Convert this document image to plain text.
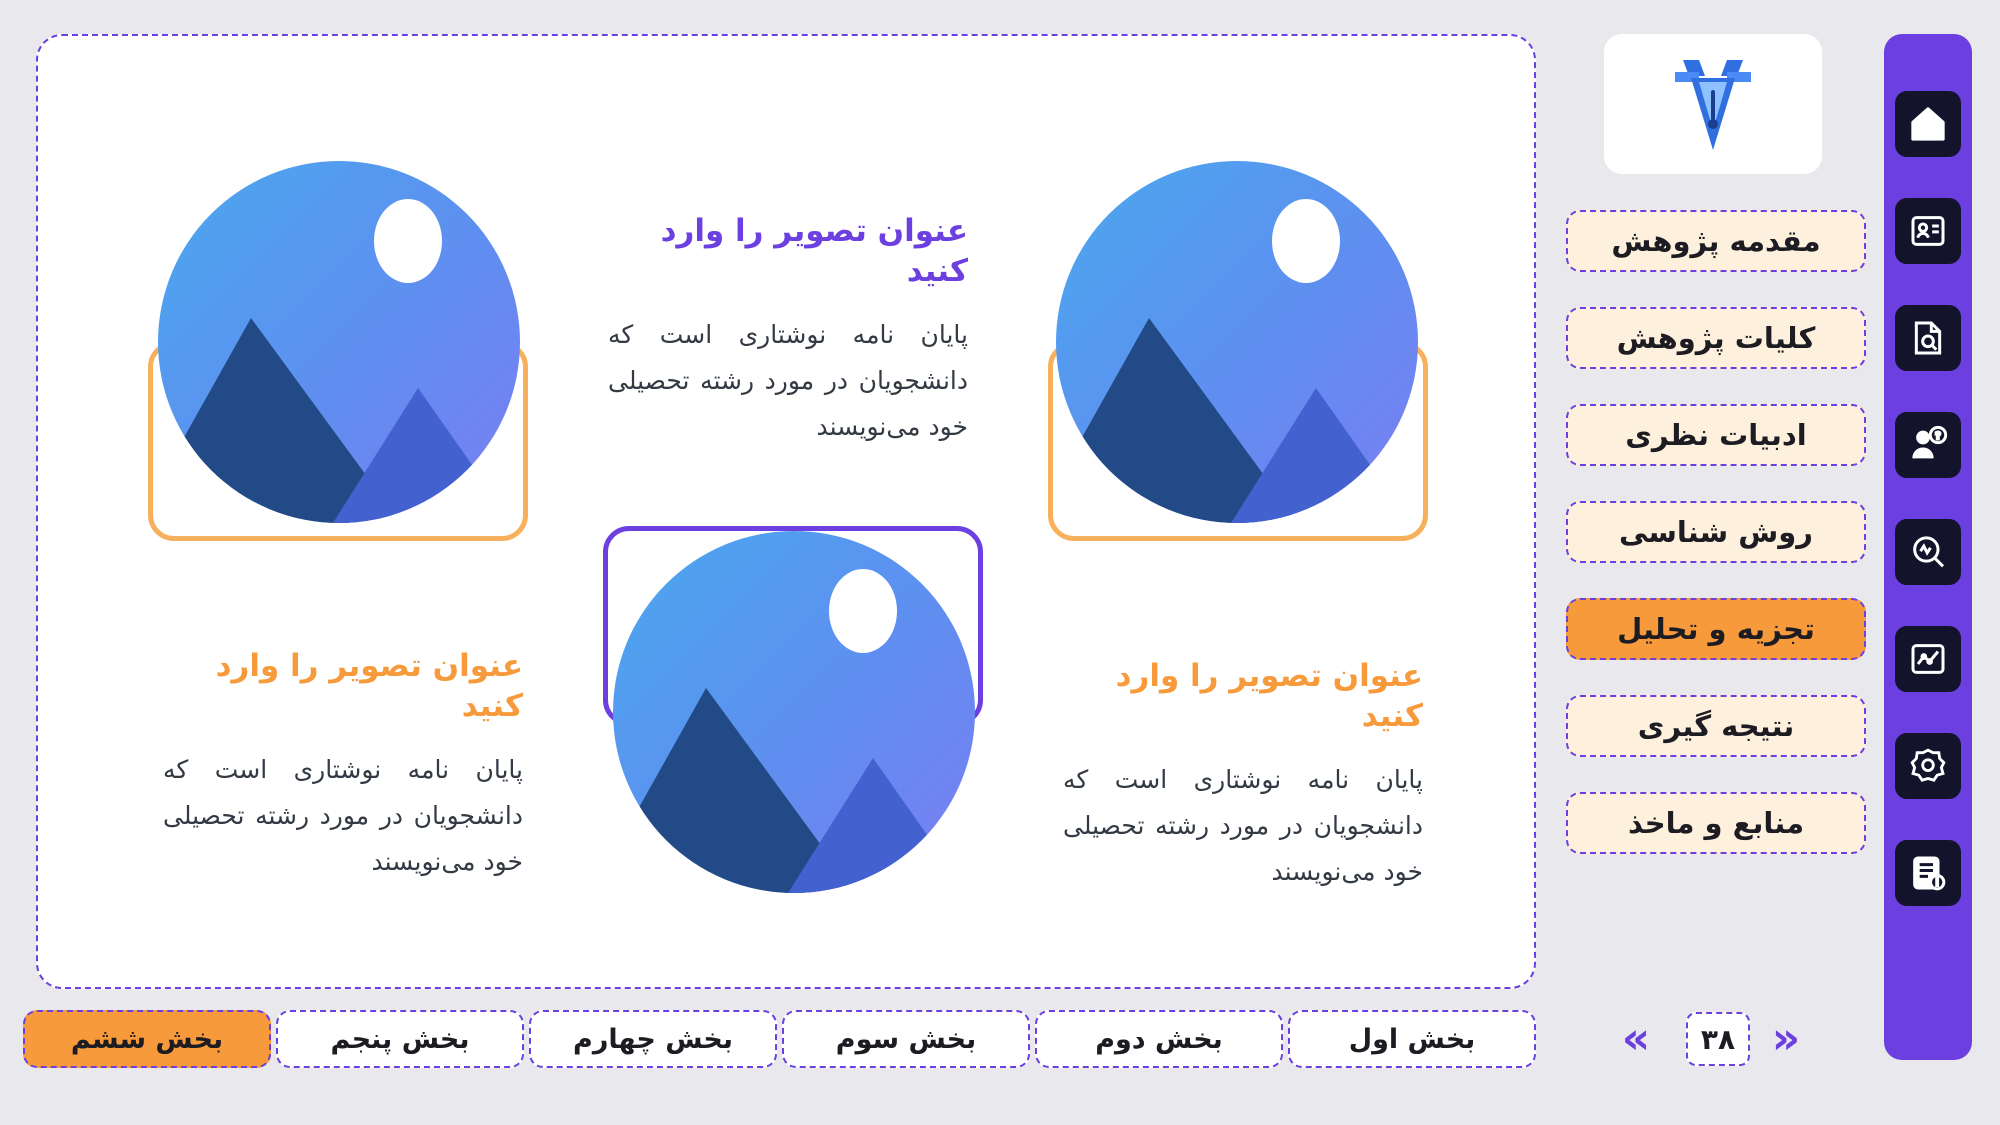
عنوان تصویر را وارد کنید
پایان نامه نوشتاری است که دانشجویان در مورد رشته تحصیلی خود می‌نویسند
عنوان تصویر را وارد کنید
پایان نامه نوشتاری است که دانشجویان در مورد رشته تحصیلی خود می‌نویسند
عنوان تصویر را وارد کنید
پایان نامه نوشتاری است که دانشجویان در مورد رشته تحصیلی خود می‌نویسند
مقدمه پژوهش
کلیات پژوهش
ادبیات نظری
روش شناسی
تجزیه و تحلیل
نتیجه گیری
منابع و ماخذ
?
i
بخش اول
بخش دوم
بخش سوم
بخش چهارم
بخش پنجم
بخش ششم	«
۳۸
»
